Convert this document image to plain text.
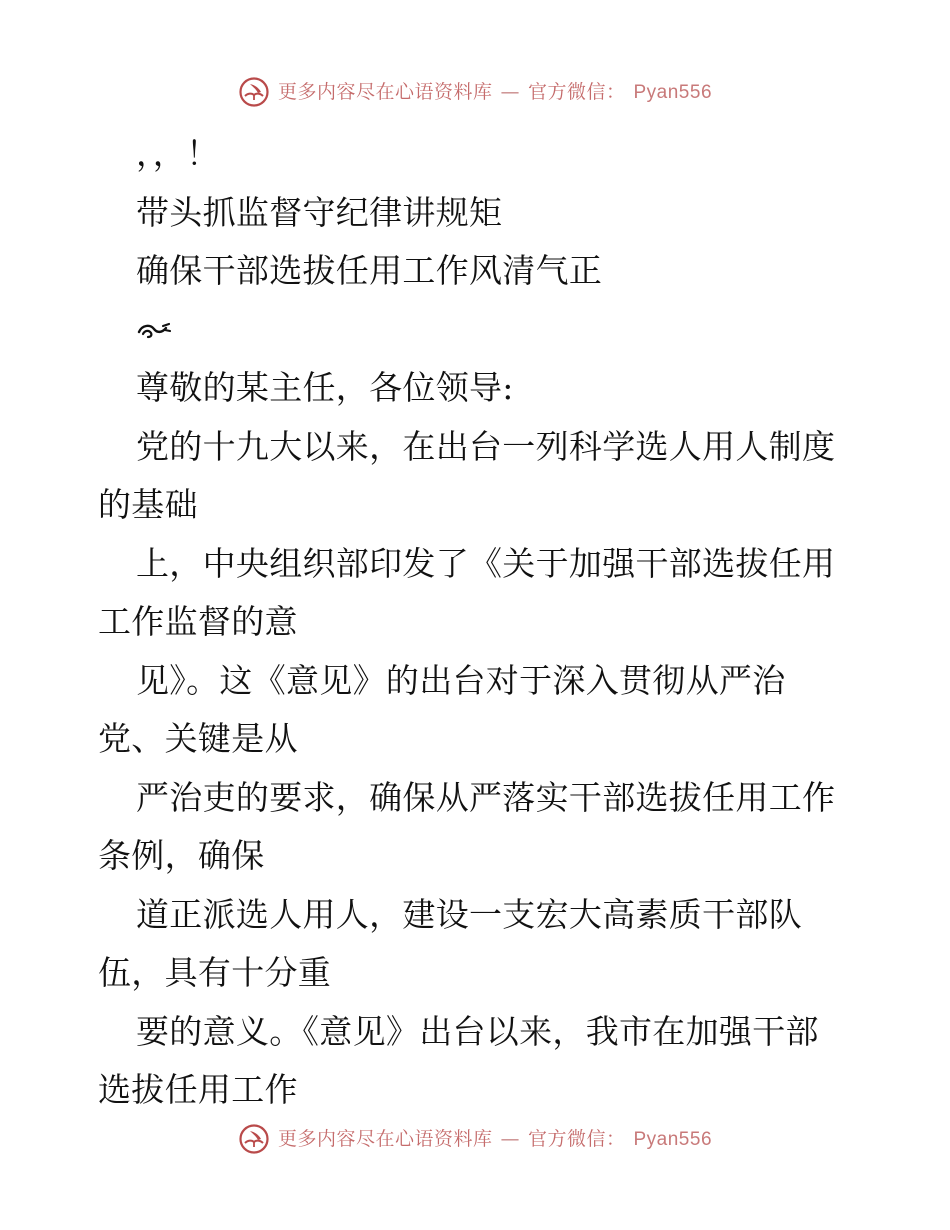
更多内容尽在心语资料库 — 官方微信： Pyan556

，，！

带头抓监督守纪律讲规矩

确保干部选拔任用工作风清气正

尊敬的某主任，各位领导:

党的十九大以来，在出台一列科学选人用人制度

的基础

上，中央组织部印发了《关于加强干部选拔任用

工作监督的意

见》。这《意见》的出台对于深入贯彻从严治

党、关键是从

严治吏的要求，确保从严落实干部选拔任用工作

条例，确保

道正派选人用人，建设一支宏大高素质干部队

伍，具有十分重

要的意义。《意见》出台以来，我市在加强干部

选拔任用工作

更多内容尽在心语资料库 — 官方微信： Pyan556
